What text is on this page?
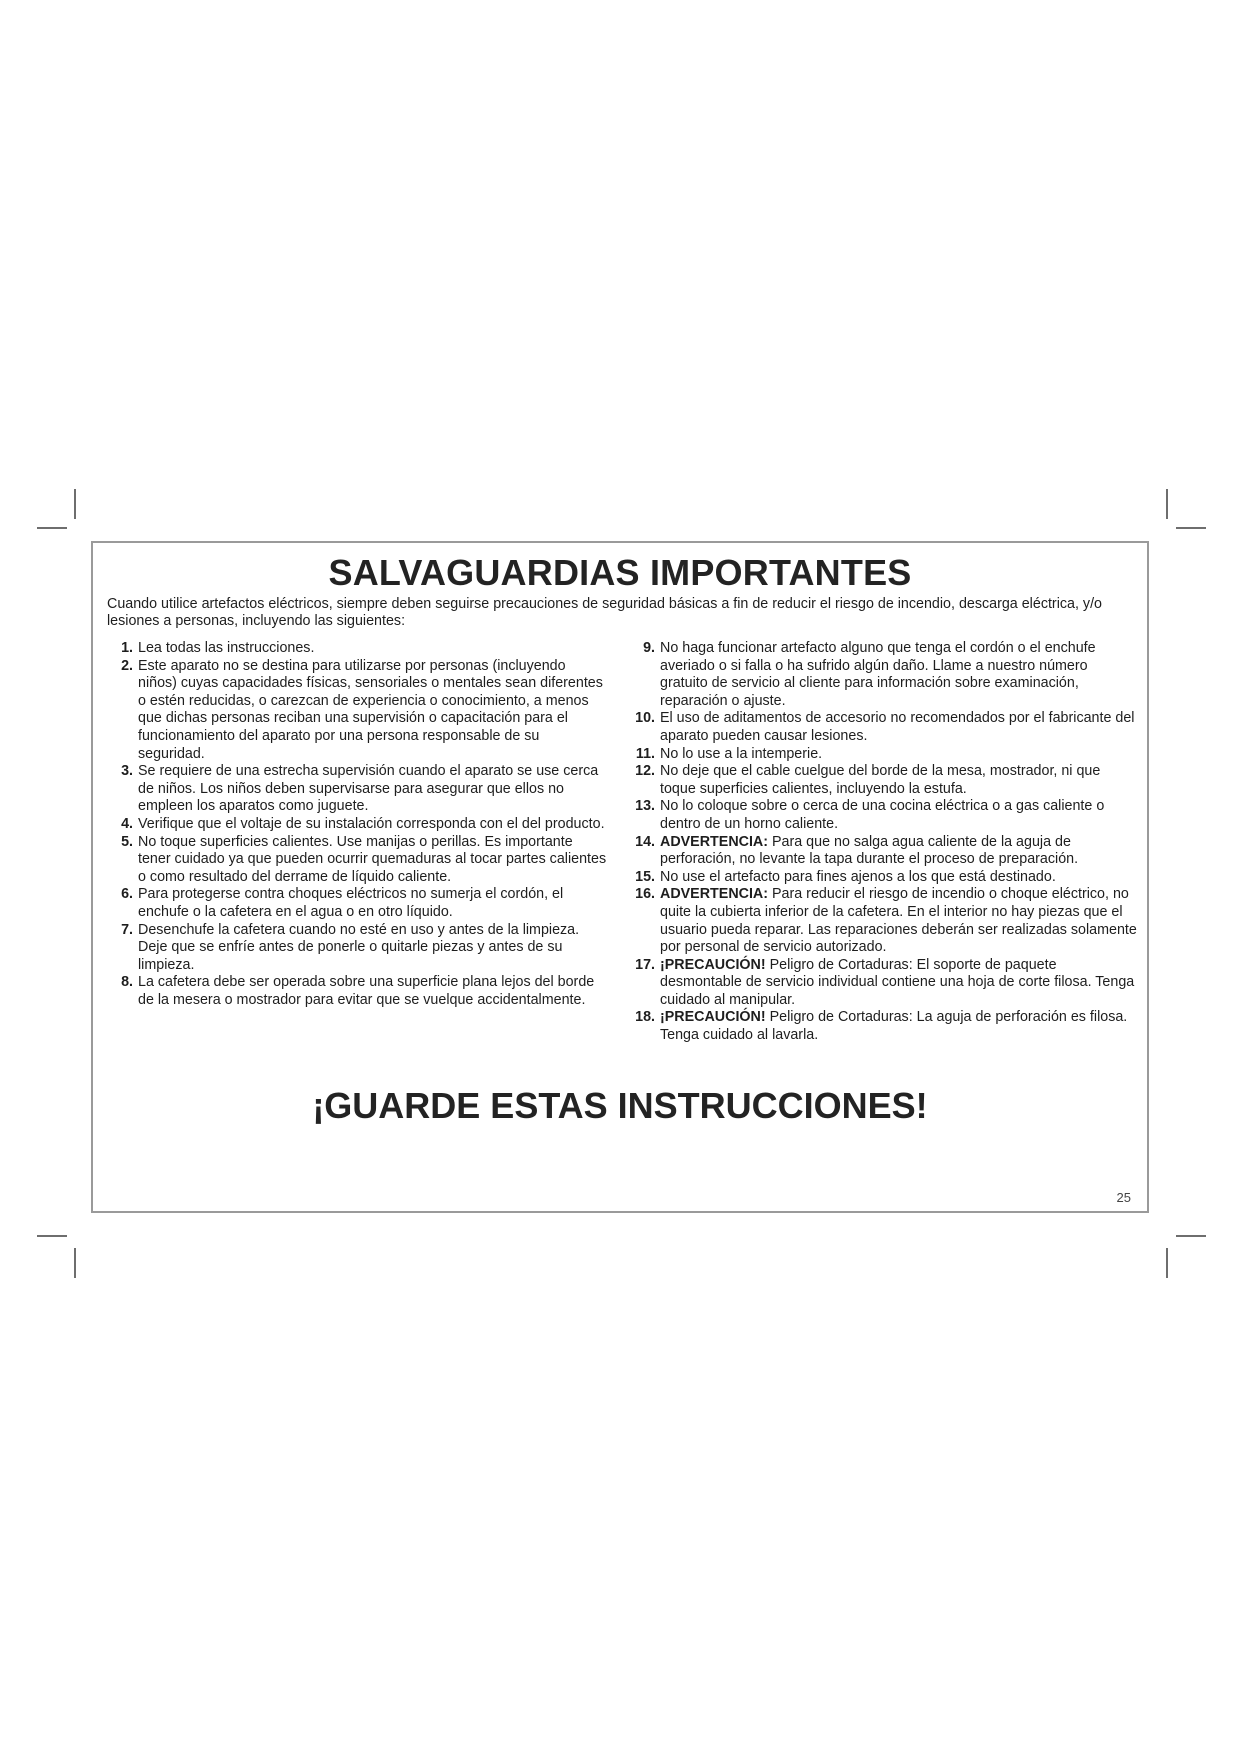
SALVAGUARDIAS IMPORTANTES
Cuando utilice artefactos eléctricos, siempre deben seguirse precauciones de seguridad básicas a fin de reducir el riesgo de incendio, descarga eléctrica, y/o lesiones a personas, incluyendo las siguientes:
1. Lea todas las instrucciones.
2. Este aparato no se destina para utilizarse por personas (incluyendo niños) cuyas capacidades físicas, sensoriales o mentales sean diferentes o estén reducidas, o carezcan de experiencia o conocimiento, a menos que dichas personas reciban una supervisión o capacitación para el funcionamiento del aparato por una persona responsable de su seguridad.
3. Se requiere de una estrecha supervisión cuando el aparato se use cerca de niños. Los niños deben supervisarse para asegurar que ellos no empleen los aparatos como juguete.
4. Verifique que el voltaje de su instalación corresponda con el del producto.
5. No toque superficies calientes. Use manijas o perillas. Es importante tener cuidado ya que pueden ocurrir quemaduras al tocar partes calientes o como resultado del derrame de líquido caliente.
6. Para protegerse contra choques eléctricos no sumerja el cordón, el enchufe o la cafetera en el agua o en otro líquido.
7. Desenchufe la cafetera cuando no esté en uso y antes de la limpieza. Deje que se enfríe antes de ponerle o quitarle piezas y antes de su limpieza.
8. La cafetera debe ser operada sobre una superficie plana lejos del borde de la mesera o mostrador para evitar que se vuelque accidentalmente.
9. No haga funcionar artefacto alguno que tenga el cordón o el enchufe averiado o si falla o ha sufrido algún daño. Llame a nuestro número gratuito de servicio al cliente para información sobre examinación, reparación o ajuste.
10. El uso de aditamentos de accesorio no recomendados por el fabricante del aparato pueden causar lesiones.
11. No lo use a la intemperie.
12. No deje que el cable cuelgue del borde de la mesa, mostrador, ni que toque superficies calientes, incluyendo la estufa.
13. No lo coloque sobre o cerca de una cocina eléctrica o a gas caliente o dentro de un horno caliente.
14. ADVERTENCIA: Para que no salga agua caliente de la aguja de perforación, no levante la tapa durante el proceso de preparación.
15. No use el artefacto para fines ajenos a los que está destinado.
16. ADVERTENCIA: Para reducir el riesgo de incendio o choque eléctrico, no quite la cubierta inferior de la cafetera. En el interior no hay piezas que el usuario pueda reparar. Las reparaciones deberán ser realizadas solamente por personal de servicio autorizado.
17. ¡PRECAUCIÓN! Peligro de Cortaduras: El soporte de paquete desmontable de servicio individual contiene una hoja de corte filosa. Tenga cuidado al manipular.
18. ¡PRECAUCIÓN! Peligro de Cortaduras: La aguja de perforación es filosa. Tenga cuidado al lavarla.
¡GUARDE ESTAS INSTRUCCIONES!
25
